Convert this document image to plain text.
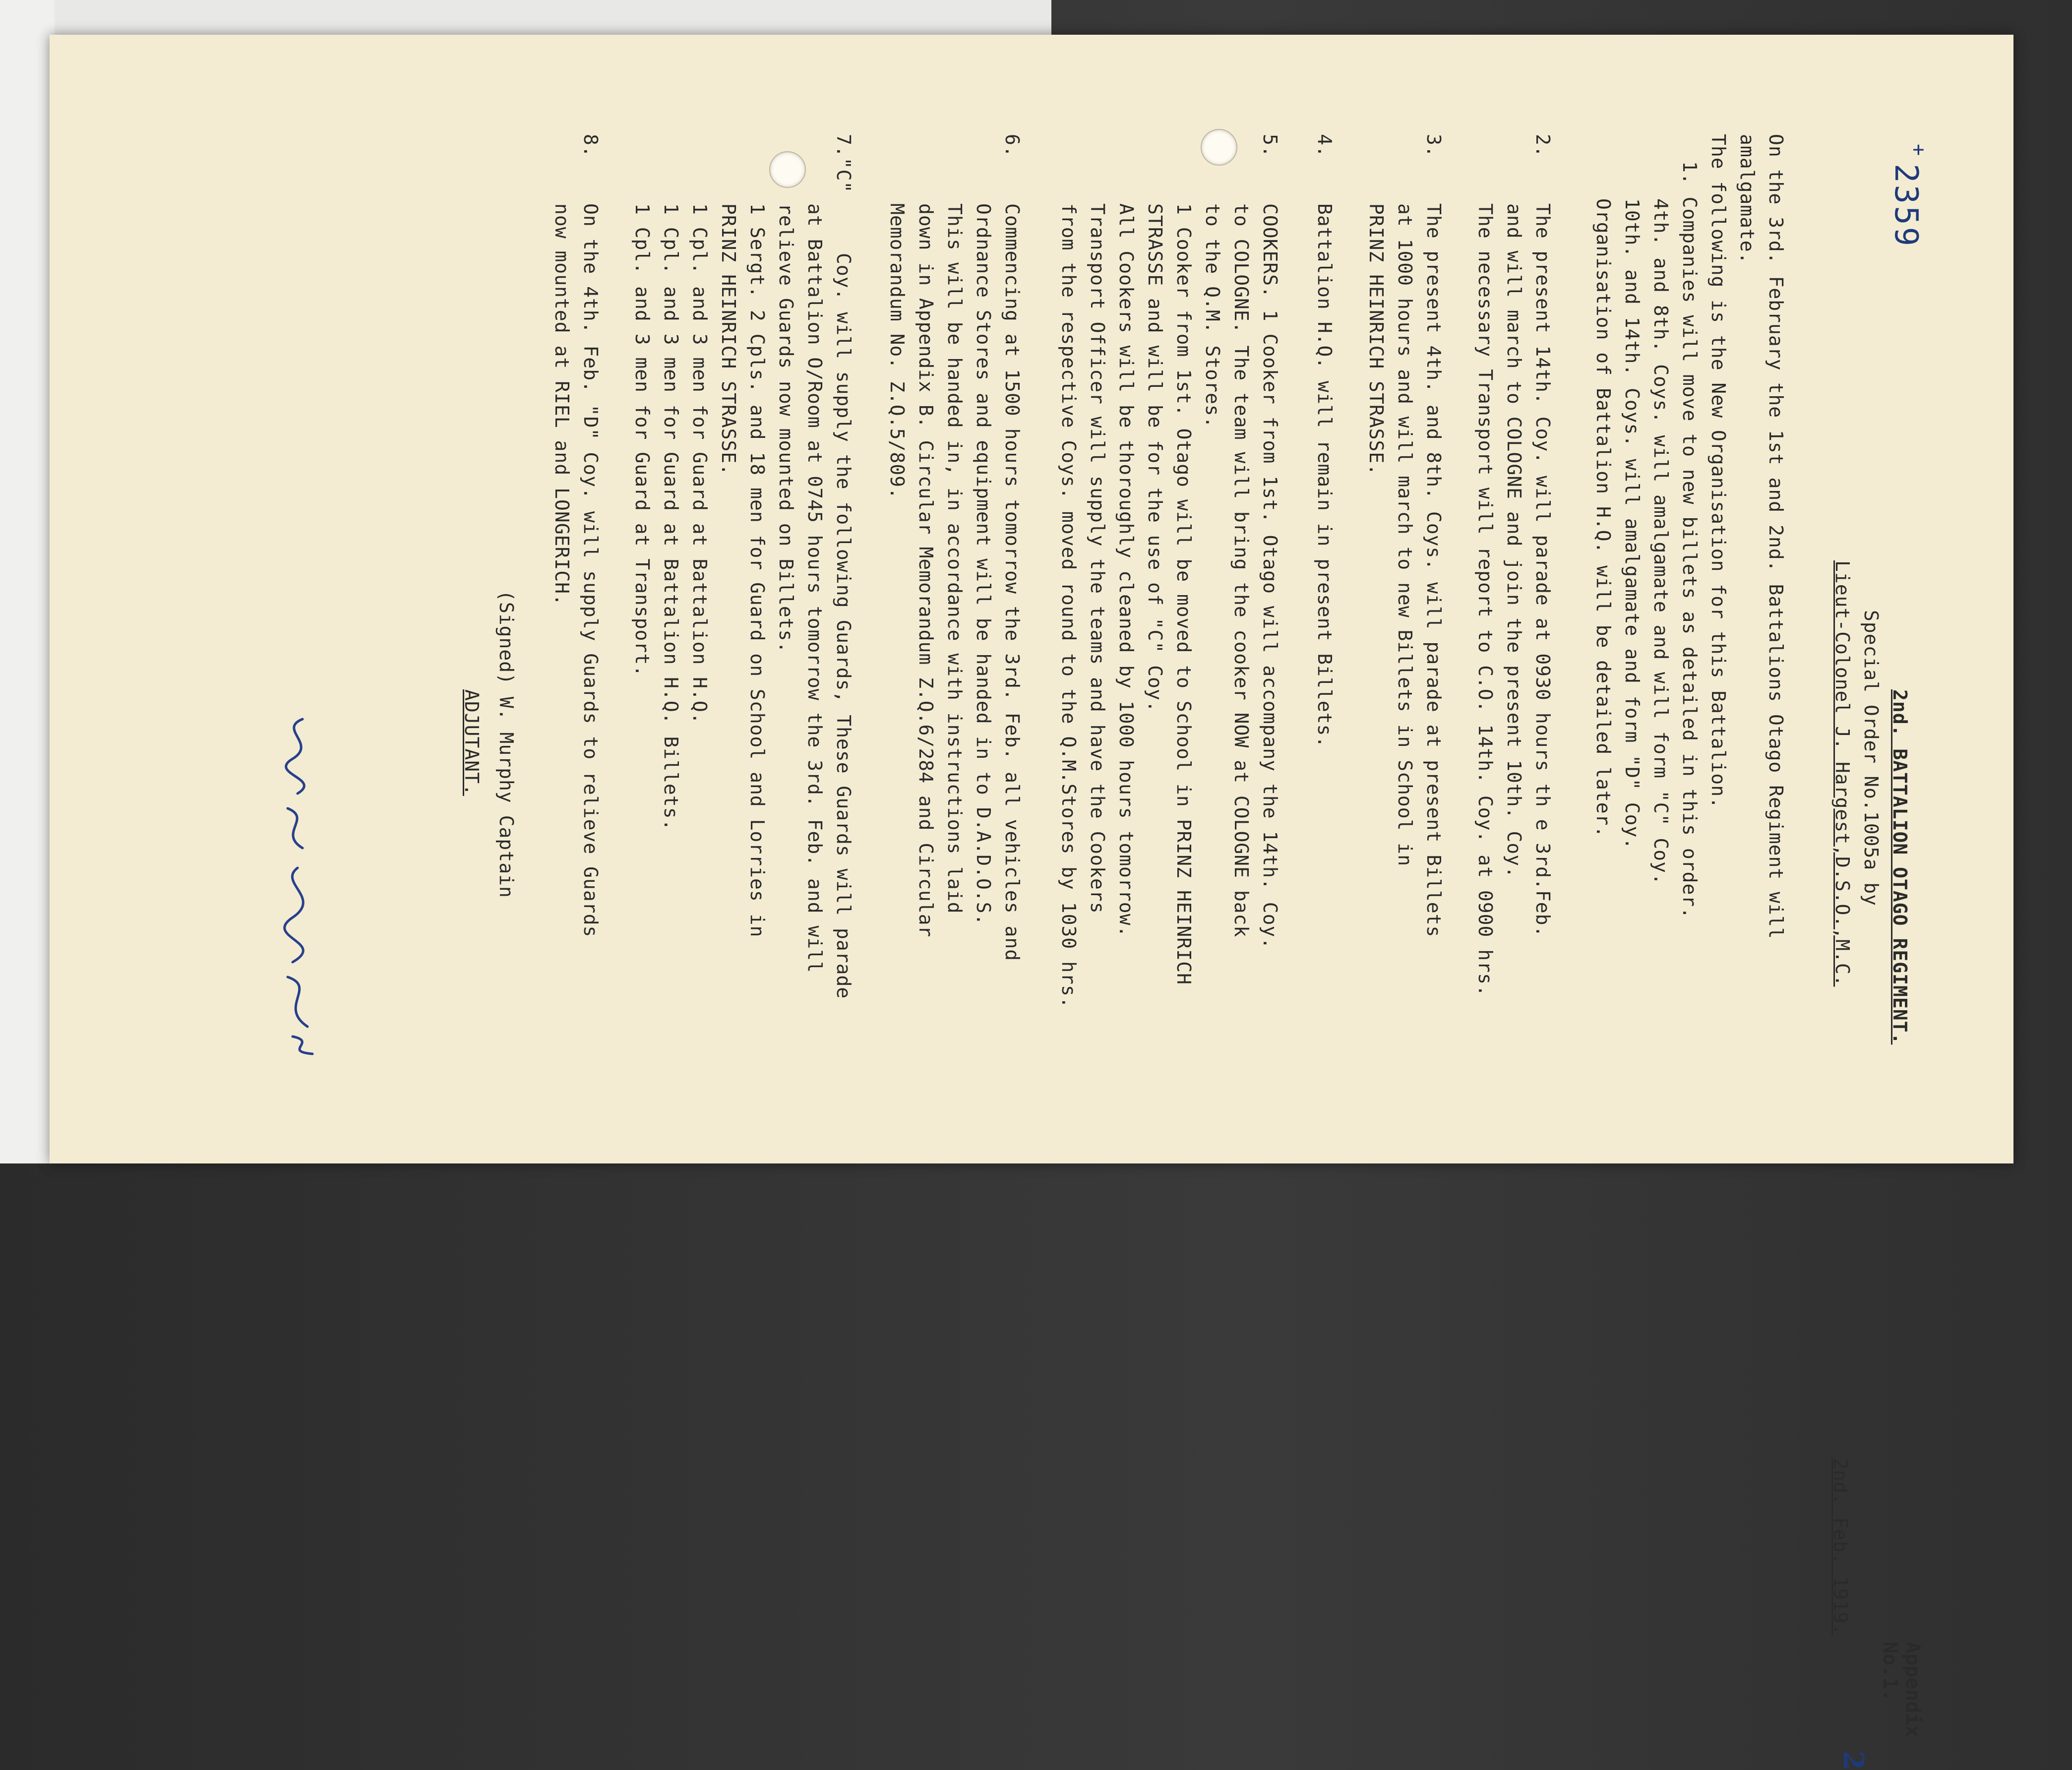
+
2359
Appendix No.1.
2
2nd. BATTALION OTAGO REGIMENT.
Special Order No.1005a by

Lieut-Colonel J. Hargest,D.S.O.,M.C.
2nd. Feb. 1919.
On the 3rd. February the 1st and 2nd. Battalions Otago Regiment will
amalgamate.
The following is the New Organisation for this Battalion.
1. Companies will move to new billets as detailed in this order.
4th. and 8th. Coys. will amalgamate and will form "C" Coy.
10th. and 14th. Coys. will amalgamate and form "D" Coy.
Organisation of Battalion H.Q. will be detailed later.
2.
The present 14th. Coy. will parade at 0930 hours th e 3rd.Feb.
and will march to COLOGNE and join the present 10th. Coy.
The necessary Transport will report to C.O. 14th. Coy. at 0900 hrs.
3.
The present 4th. and 8th. Coys. will parade at present Billets
at 1000 hours and will march to new Billets in School in
PRINZ HEINRICH STRASSE.
4.
Battalion H.Q. will remain in present Billets.
5.
COOKERS. 1 Cooker from 1st. Otago will accompany the 14th. Coy.
to COLOGNE. The team will bring the cooker NOW at COLOGNE back
to the Q.M. Stores.
1 Cooker from 1st. Otago will be moved to School in PRINZ HEINRICH
STRASSE and will be for the use of "C" Coy.
All Cookers will be thoroughly cleaned by 1000 hours tomorrow.
Transport Officer will supply the teams and have the Cookers
from the respective Coys. moved round to the Q.M.Stores by 1030 hrs.
6.
Commencing at 1500 hours tomorrow the 3rd. Feb. all vehicles and
Ordnance Stores and equipment will be handed in to D.A.D.O.S.
This will be handed in, in accordance with instructions laid
down in Appendix B. Circular Memorandum Z.Q.6/284 and Circular
Memorandum No. Z.Q.5/809.
7."C"
Coy. will supply the following Guards, These Guards will parade
at Battalion O/Room at 0745 hours tomorrow the 3rd. Feb. and will
relieve Guards now mounted on Billets.
1 Sergt. 2 Cpls. and 18 men for Guard on School and Lorries in
PRINZ HEINRICH STRASSE.
1 Cpl. and 3 men for Guard at Battalion H.Q.
1 Cpl. and 3 men for Guard at Battalion H.Q. Billets.
1 Cpl. and 3 men for Guard at Transport.
8.
On the 4th. Feb. "D" Coy. will supply Guards to relieve Guards
now mounted at RIEL and LONGERICH.
(Signed) W. Murphy Captain
ADJUTANT.
